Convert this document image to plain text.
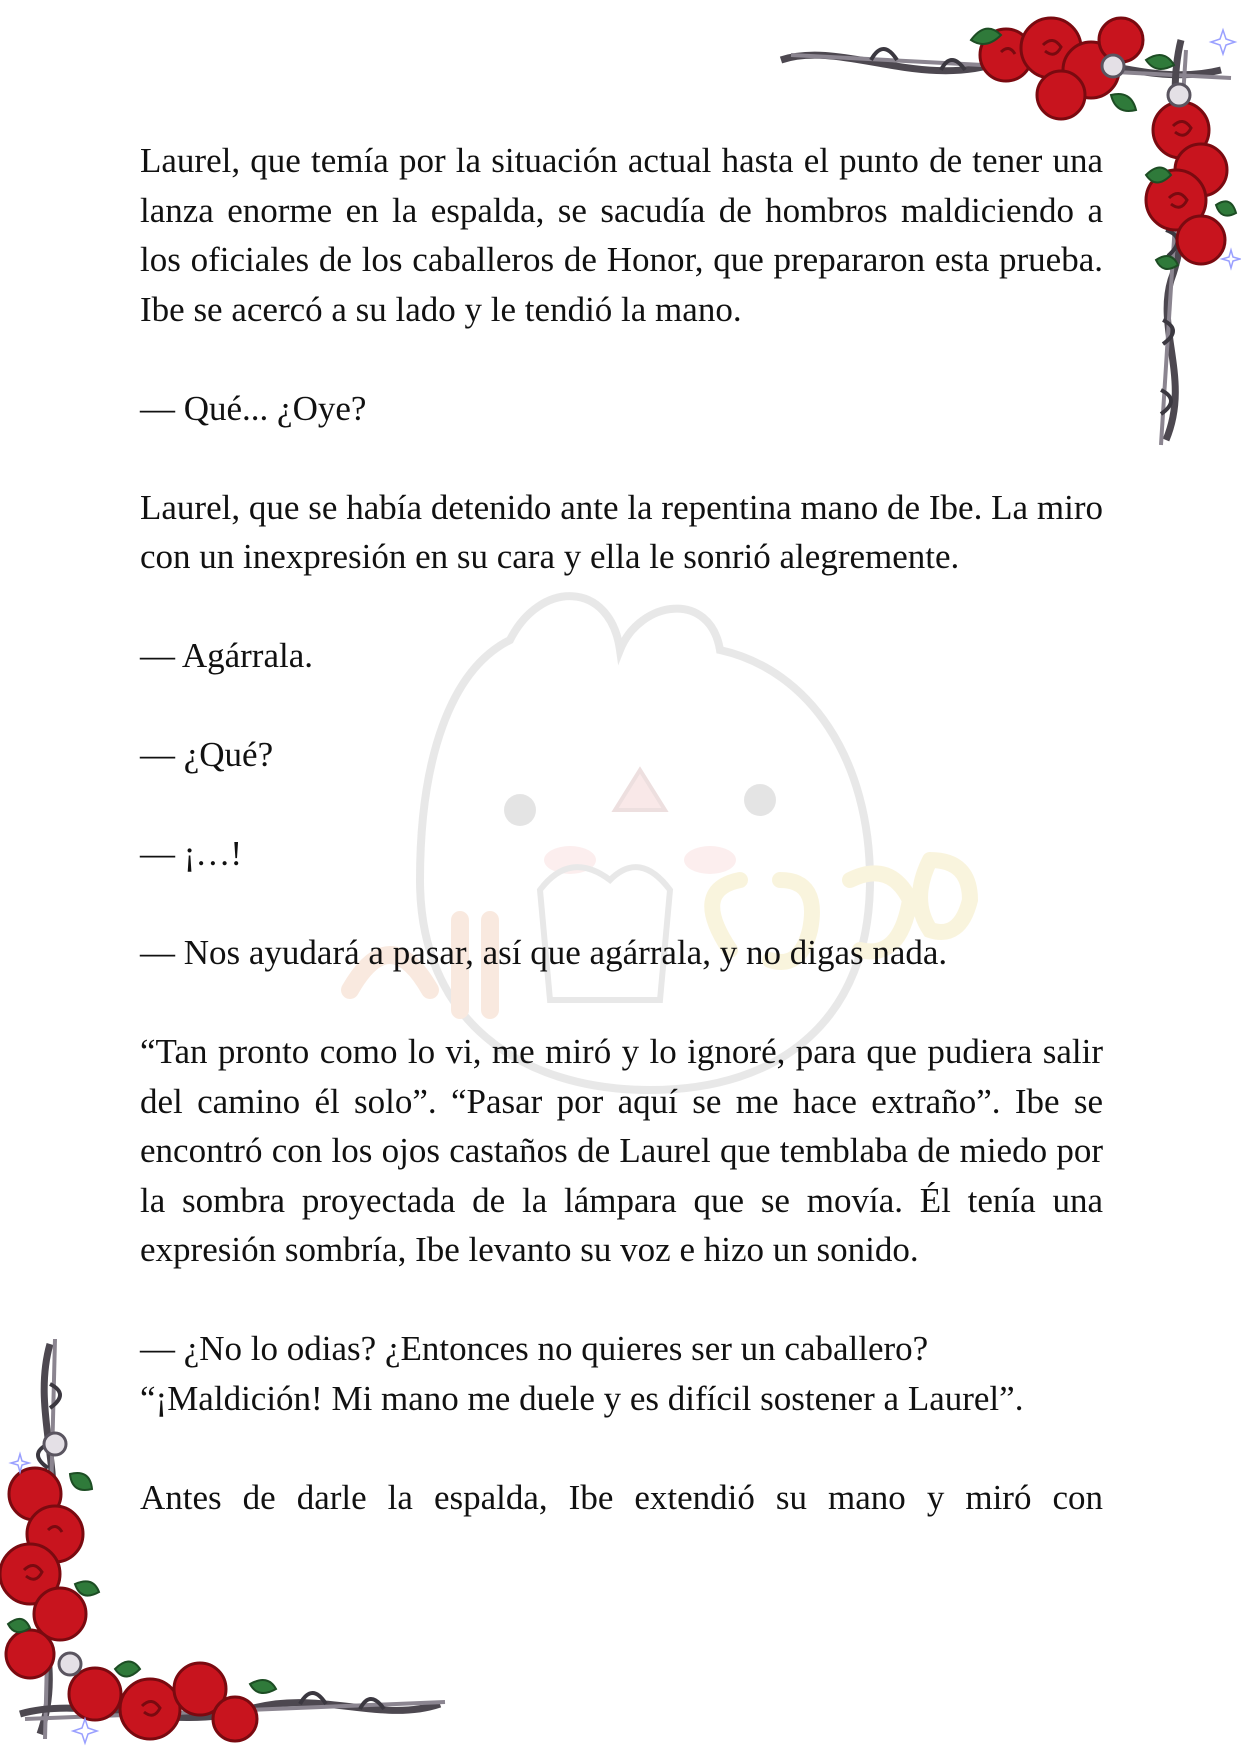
Laurel, que temía por la situación actual hasta el punto de tener una lanza enorme en la espalda, se sacudía de hombros maldiciendo a los oficiales de los caballeros de Honor, que prepararon esta prueba. Ibe se acercó a su lado y le tendió la mano.

— Qué... ¿Oye?

Laurel, que se había detenido ante la repentina mano de Ibe. La miro con un inexpresión en su cara y ella le sonrió alegremente.

— Agárrala.

— ¿Qué?

— ¡…!

— Nos ayudará a pasar, así que agárrala, y no digas nada.

“Tan pronto como lo vi, me miró y lo ignoré, para que pudiera salir del camino él solo”. “Pasar por aquí se me hace extraño”. Ibe se encontró con los ojos castaños de Laurel que temblaba de miedo por la sombra proyectada de la lámpara que se movía. Él tenía una expresión sombría, Ibe levanto su voz e hizo un sonido.

— ¿No lo odias? ¿Entonces no quieres ser un caballero?

“¡Maldición! Mi mano me duele y es difícil sostener a Laurel”.

Antes de darle la espalda, Ibe extendió su mano y miró con
